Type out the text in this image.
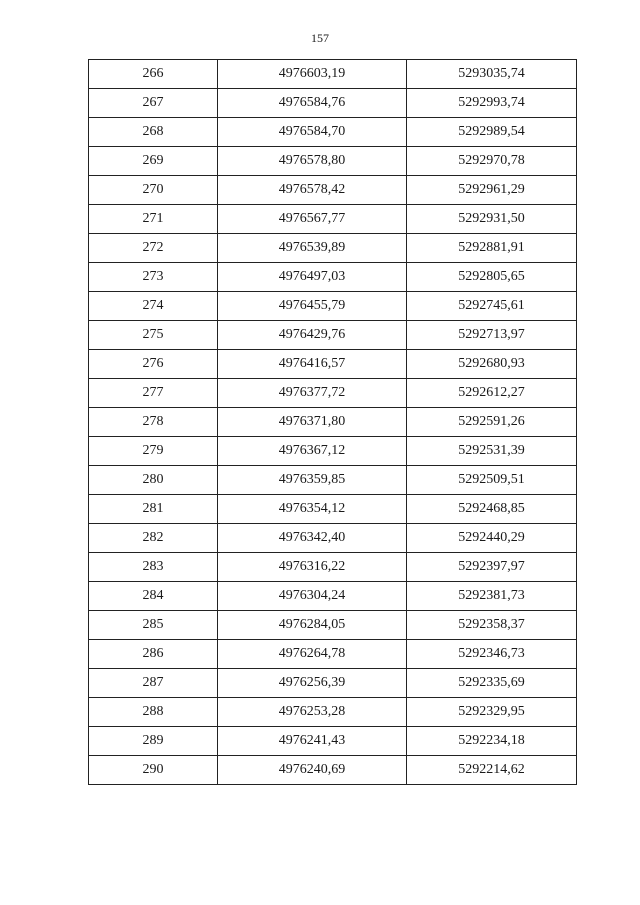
157
266	4976603,19	5293035,74
267	4976584,76	5292993,74
268	4976584,70	5292989,54
269	4976578,80	5292970,78
270	4976578,42	5292961,29
271	4976567,77	5292931,50
272	4976539,89	5292881,91
273	4976497,03	5292805,65
274	4976455,79	5292745,61
275	4976429,76	5292713,97
276	4976416,57	5292680,93
277	4976377,72	5292612,27
278	4976371,80	5292591,26
279	4976367,12	5292531,39
280	4976359,85	5292509,51
281	4976354,12	5292468,85
282	4976342,40	5292440,29
283	4976316,22	5292397,97
284	4976304,24	5292381,73
285	4976284,05	5292358,37
286	4976264,78	5292346,73
287	4976256,39	5292335,69
288	4976253,28	5292329,95
289	4976241,43	5292234,18
290	4976240,69	5292214,62
